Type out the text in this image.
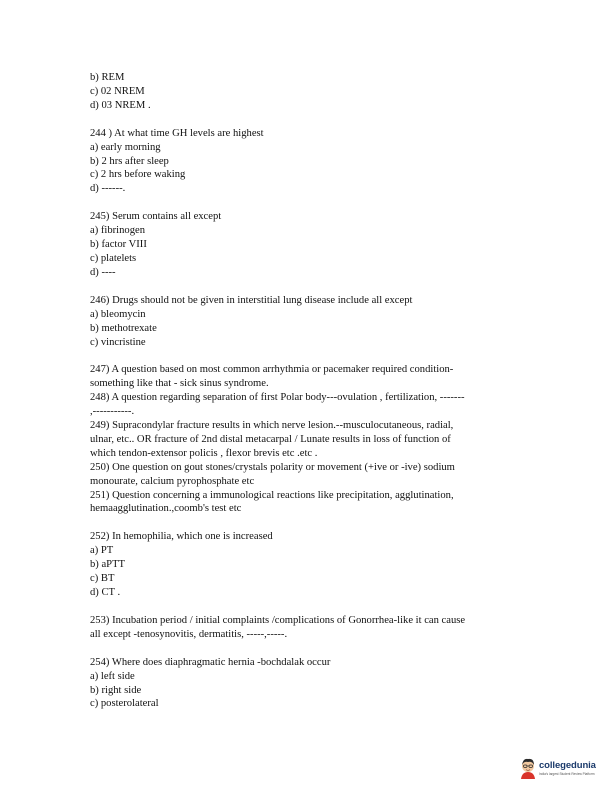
b) REM
c) 02 NREM
d) 03 NREM .
244 ) At what time GH levels are highest
a) early morning
b) 2 hrs after sleep
c) 2 hrs before waking
d) ------.
245) Serum contains all except
a) fibrinogen
b) factor VIII
c) platelets
d) ----
246) Drugs should not be given in interstitial lung disease include all except
a) bleomycin
b) methotrexate
c) vincristine
247) A question based on most common arrhythmia or pacemaker required condition-
something like that - sick sinus syndrome.
248) A question regarding separation of first Polar body---ovulation , fertilization, -------
,-----------.
249) Supracondylar fracture results in which nerve lesion.--musculocutaneous, radial,
ulnar, etc.. OR fracture of 2nd distal metacarpal / Lunate results in loss of function of
which tendon-extensor policis , flexor brevis etc .etc .
250) One question on gout stones/crystals polarity or movement (+ive or -ive) sodium
monourate, calcium pyrophosphate etc
251) Question concerning a immunological reactions like precipitation, agglutination,
hemaagglutination.,coomb's test etc
252) In hemophilia, which one is increased
a) PT
b) aPTT
c) BT
d) CT .
253) Incubation period / initial complaints /complications of Gonorrhea-like it can cause
all except -tenosynovitis, dermatitis, -----,-----.
254) Where does diaphragmatic hernia -bochdalak occur
a) left side
b) right side
c) posterolateral
collegedunia
India's largest Student Review Platform
